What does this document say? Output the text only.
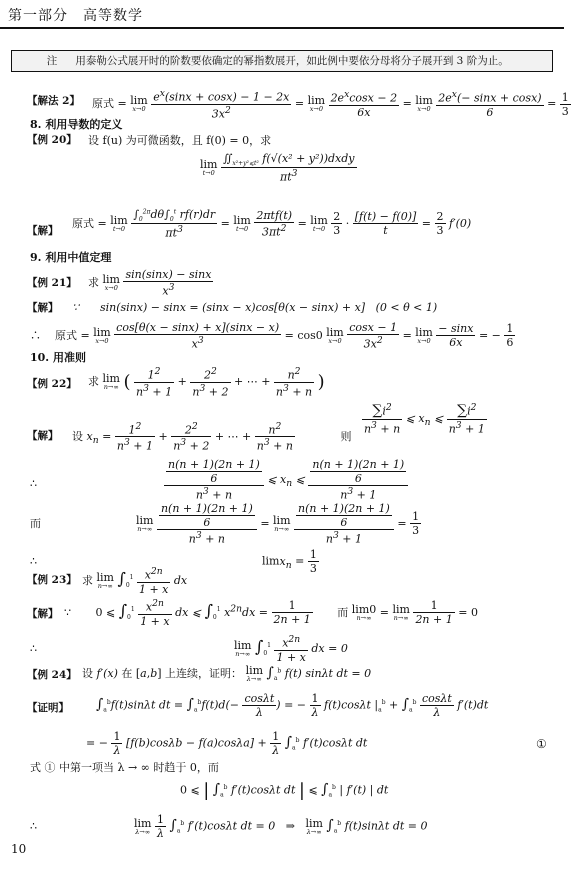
第一部分　高等数学
注 用泰勒公式展开时的阶数要依确定的幂指数展开，如此例中要依分母将分子展开到 3 阶为止。
【解法 2】 原式 = lim
x→0
$\frac{e^x(\sin x + \cos x) - 1 - 2x}{3x^2} = \lim$
x→0
$\frac{2e^x\cos x - 2}{6x} = \lim$
x→0
$\frac{2e^x(- \sin x + \cos x)}{6} = \frac{1}{3}$
8. 利用导数的定义
【例 20】 设 f(u) 为可微函数，且 f(0) = 0，求
lim
t→0
$\frac{∬_{x^2+y^2⩽t^2} f(√(x^2 + y^2))dxdy}{\pi t^3}$
【解】
原式 = lim
t→0
$\frac{\int_0^{2\pi}d\theta\int_0^t rf(r)dr}{\pi t^3} = \lim$
t→0
$\frac{\text{2πtf(t)}}{3\pi t^2} = \lim$
t→0
$\frac{2}{3} \cdot \frac{[f(t) - f(0)]}{t} = \frac{2}{3} f'(0)$
9. 利用中值定理
【例 21】 求 lim
x→0
$\frac{\sin(\sin x) - \sin x}{x^3}$
【解】 ∵      sin(sinx) − sinx = (sinx − x)cos[θ(x − sinx) + x]   (0 < θ < 1)
∴    原式 = lim
x→0
$\frac{\cos[\theta(x - \sin x) + x](\sin x - x)}{x^3} = \cos 0$ lim
x→0
$\frac{\cos x - 1}{3x^2} = \lim$
x→0
$\frac{- \sin x}{6x}$ = − $\frac{1}{6}$
10. 用准则
【例 22】 求 lim
n→∞ ( $\frac{1^2}{n^3 + 1} + \frac{2^2}{n^3 + 2}$ + ⋯ + $\frac{n^2}{n^3 + n}$ )
【解】 设 $x_n = \frac{1^2}{n^3 + 1} + \frac{2^2}{n^3 + 2}$ + ⋯ + $\frac{n^2}{n^3 + n}$ 则
$\frac{\sum i^2}{n^3 + n}$ ⩽ $x_n$ ⩽ $\frac{\sum i^2}{n^3 + 1}$
∴	$\frac{\frac{n(n + 1)(2n + 1)}{6}}{n^3 + n}$ ⩽ $x_n$ ⩽ $\frac{\frac{n(n + 1)(2n + 1)}{6}}{n^3 + 1}$
而	lim
n→∞
$\frac{\frac{n(n + 1)(2n + 1)}{6}}{n^3 + n} = \lim$
n→∞
$\frac{\frac{n(n + 1)(2n + 1)}{6}}{n^3 + 1} = \frac{1}{3}$
∴	$\lim x_n = \frac{1}{3}$
【例 23】 求 lim
n→∞ $\int_0^1 \frac{x^{2n}}{1 + x}$ dx
【解】 ∵       0 ⩽ $\int_0^1 \frac{x^{2n}}{1 + x}$ dx ⩽ $\int_0^1$ $x^{2n}dx = \frac{1}{2n + 1}$ 而 lim0
n→∞ = lim
n→∞
$\frac{1}{2n + 1} = 0$
∴	lim
n→∞ $\int_0^1 \frac{x^{2n}}{1 + x}$ dx = 0
【例 24】 设 f′(x) 在 [a,b] 上连续，证明： lim
λ→∞ $\int_a^b$ f(t) sinλt dt = 0
【证明】 $\int_a^bf(t)\sin\lambda t$ dt = $\int_a^bf(t)d(- \frac{\cos\lambda t}{\lambda}$ ) = − $\frac{1}{\lambda} f(t)\cos\lambda t$ $|_a^b + \int_a^b \frac{\cos\lambda t}{\lambda} f'(t)dt$
= − $\frac{1}{\lambda} [f(b)\cos\lambda b - f(a)\cos\lambda a] + \frac{1}{\lambda} \int_a^b$ f′(t)cosλt dt	①
式 ① 中第一项当 λ → ∞ 时趋于 0，而
0 ⩽ | $\int_a^b$ f′(t)cosλt dt | ⩽ $\int_a^b$ | f′(t) | dt
∴	lim
λ→∞
$\frac{1}{\lambda} \int_a^b$ f′(t)cosλt dt = 0   ⇒   lim
λ→∞ $\int_a^b$ f(t)sinλt dt = 0
10
